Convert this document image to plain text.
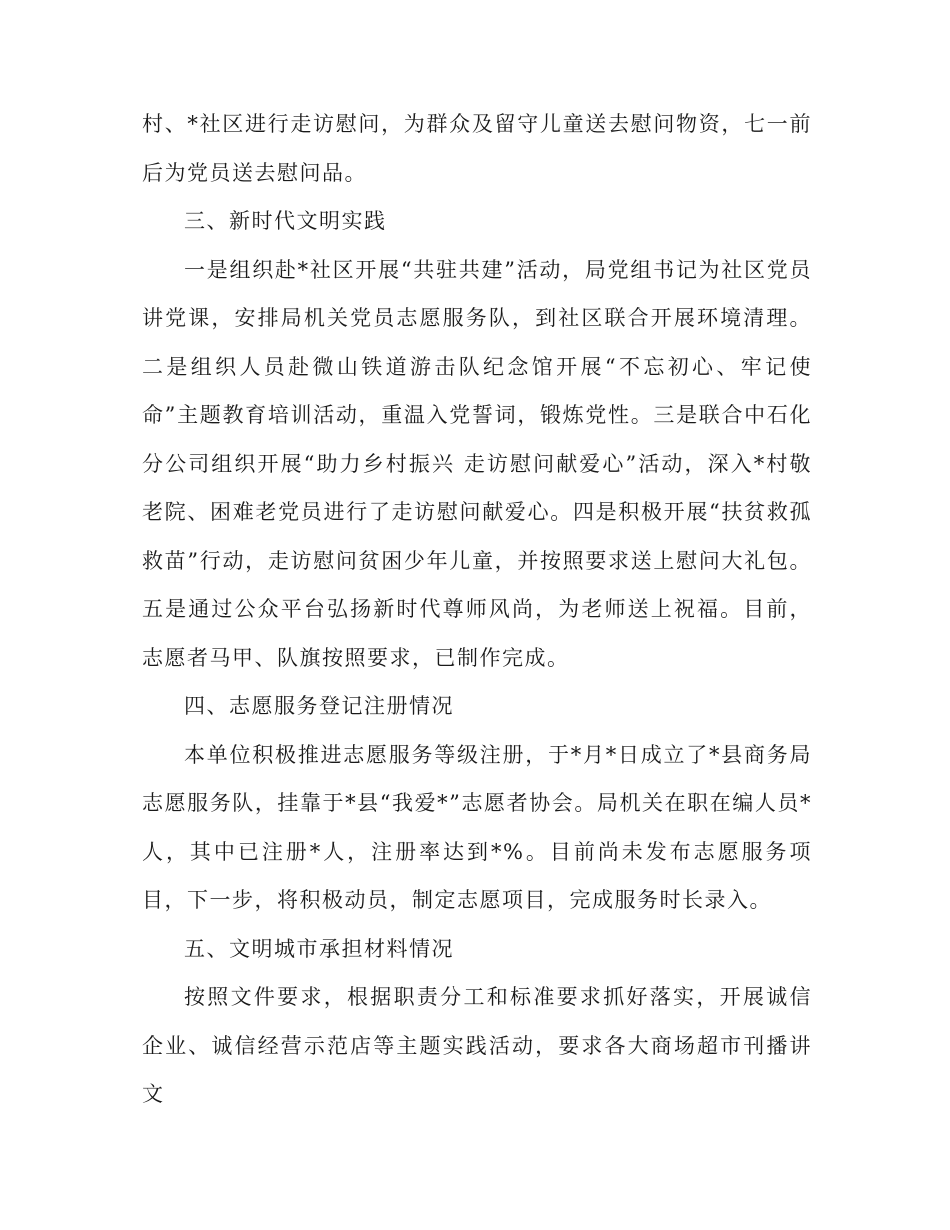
村、*社区进行走访慰问，为群众及留守儿童送去慰问物资，七一前后为党员送去慰问品。

三、新时代文明实践

一是组织赴*社区开展“共驻共建”活动，局党组书记为社区党员讲党课，安排局机关党员志愿服务队，到社区联合开展环境清理。二是组织人员赴微山铁道游击队纪念馆开展“不忘初心、牢记使命”主题教育培训活动，重温入党誓词，锻炼党性。三是联合中石化分公司组织开展“助力乡村振兴 走访慰问献爱心”活动，深入*村敬老院、困难老党员进行了走访慰问献爱心。四是积极开展“扶贫救孤救苗”行动，走访慰问贫困少年儿童，并按照要求送上慰问大礼包。五是通过公众平台弘扬新时代尊师风尚，为老师送上祝福。目前，志愿者马甲、队旗按照要求，已制作完成。

四、志愿服务登记注册情况

本单位积极推进志愿服务等级注册，于*月*日成立了*县商务局志愿服务队，挂靠于*县“我爱*”志愿者协会。局机关在职在编人员*人，其中已注册*人，注册率达到*%。目前尚未发布志愿服务项目，下一步，将积极动员，制定志愿项目，完成服务时长录入。

五、文明城市承担材料情况

按照文件要求，根据职责分工和标准要求抓好落实，开展诚信企业、诚信经营示范店等主题实践活动，要求各大商场超市刊播讲文
